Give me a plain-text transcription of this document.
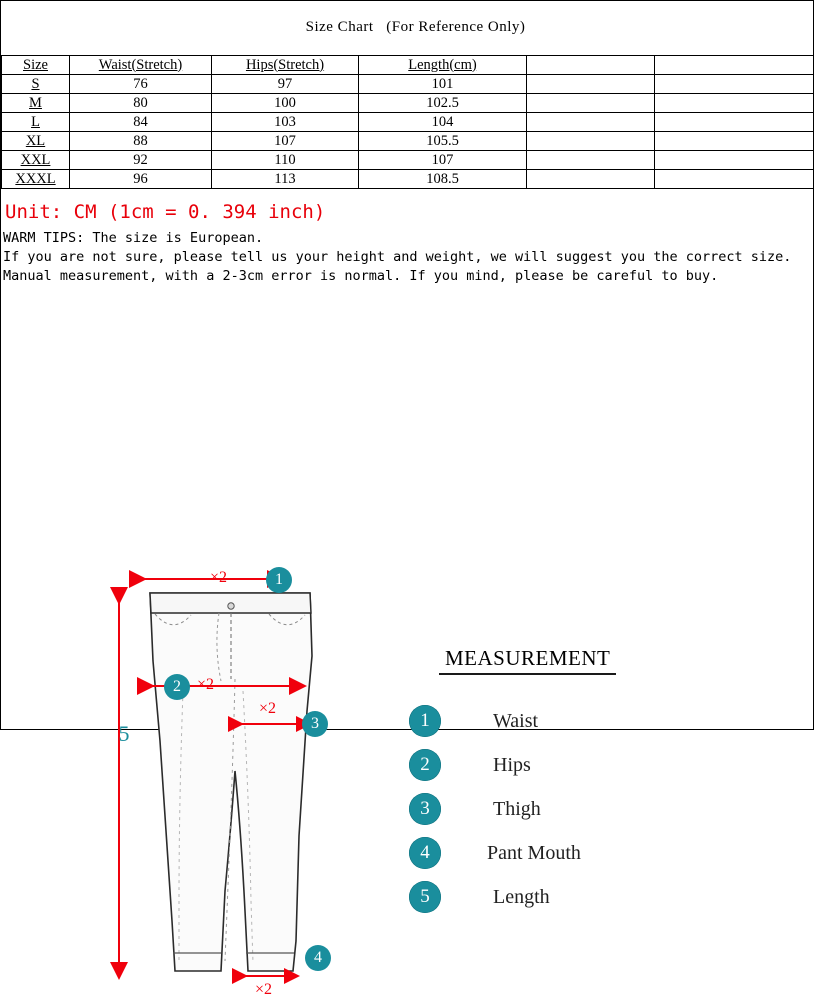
Size Chart (For Reference Only)

Size	Waist(Stretch)	Hips(Stretch)	Length(cm)		
S	76	97	101		
M	80	100	102.5		
L	84	103	104		
XL	88	107	105.5		
XXL	92	110	107		
XXXL	96	113	108.5		
Unit: CM (1cm = 0. 394 inch)
WARM TIPS: The size is European.
If you are not sure, please tell us your height and weight, we will suggest you the correct size.
Manual measurement, with a 2-3cm error is normal. If you mind, please be careful to buy.
1
×2
2	×2
3
×2
4
×2
5
MEASUREMENT
1	Waist
2	Hips
3	Thigh
4	Pant Mouth
5	Length
